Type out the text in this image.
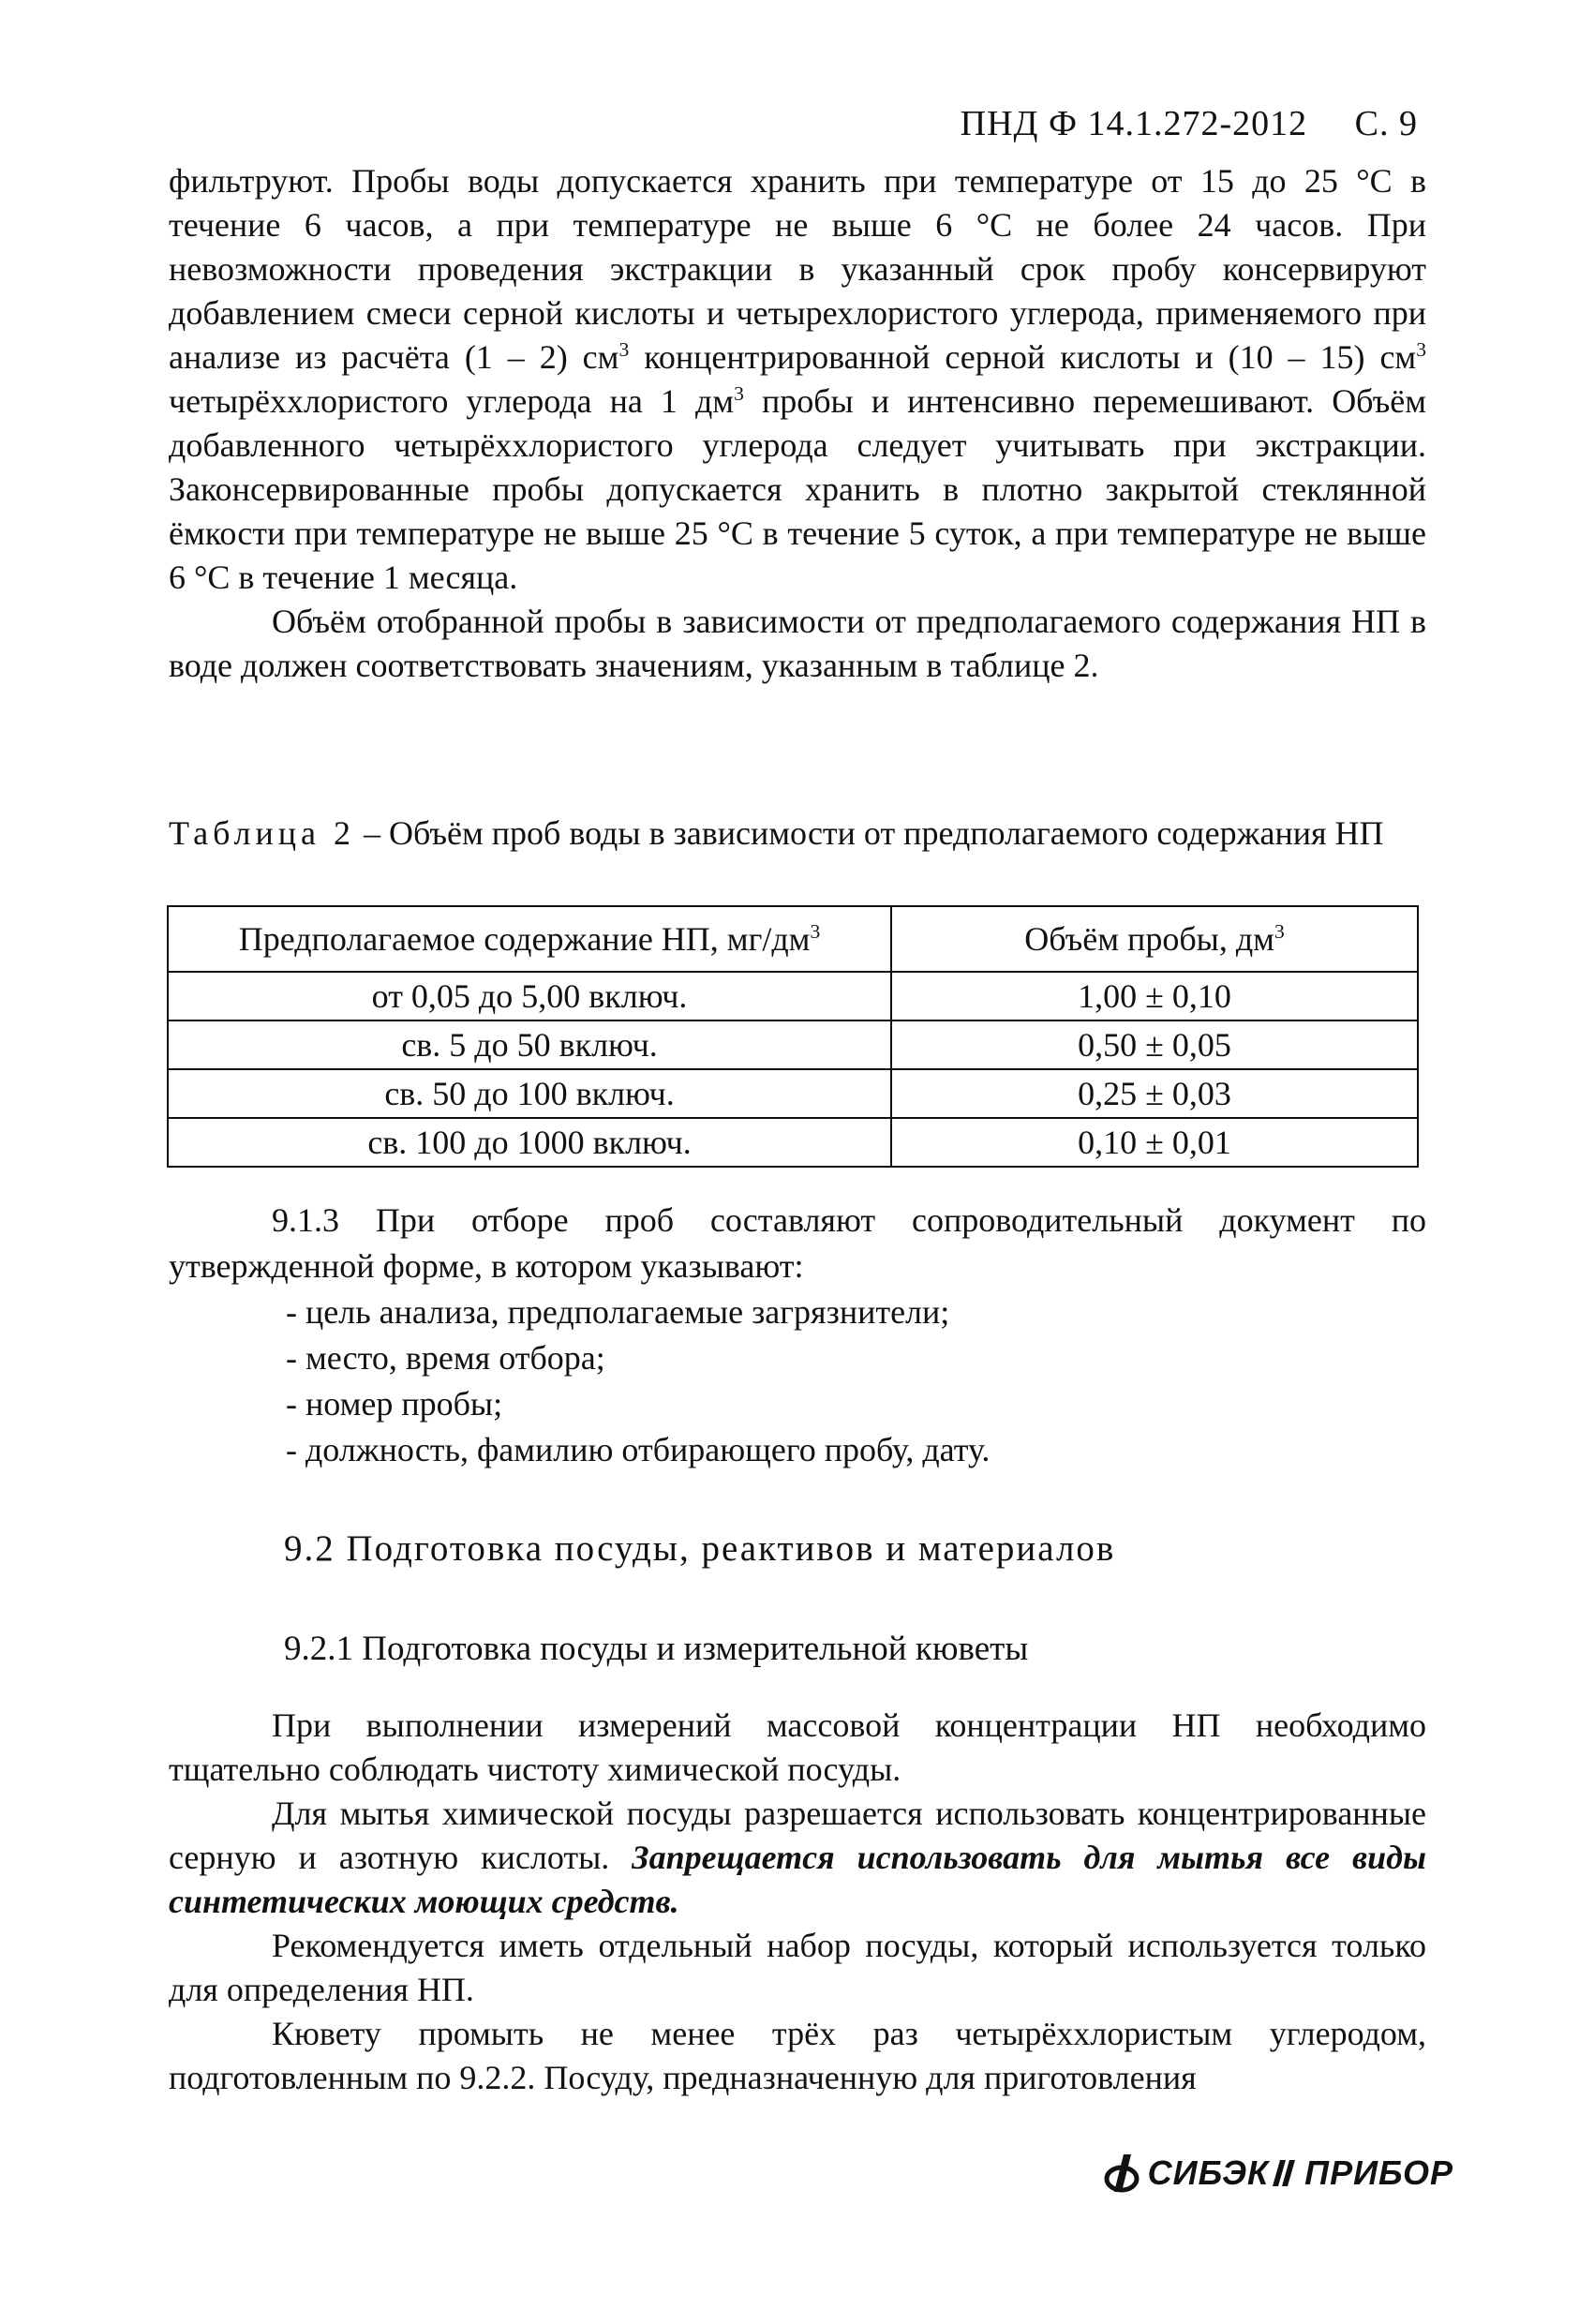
ПНД Ф 14.1.272-2012 С. 9

фильтруют. Пробы воды допускается хранить при температуре от 15 до 25 °С в течение 6 часов, а при температуре не выше 6 °С не более 24 часов. При невозможности проведения экстракции в указанный срок пробу консервируют добавлением смеси серной кислоты и четырехлористого углерода, применяемого при анализе из расчёта (1 – 2) $см^3$ концентрированной серной кислоты и (10 – 15) $см^3$ четырёххлористого углерода на 1 $дм^3$ пробы и интенсивно перемешивают. Объём добавленного четырёххлористого углерода следует учитывать при экстракции. Законсервированные пробы допускается хранить в плотно закрытой стеклянной ёмкости при температуре не выше 25 °С в течение 5 суток, а при температуре не выше 6 °С в течение 1 месяца.

Объём отобранной пробы в зависимости от предполагаемого содержания НП в воде должен соответствовать значениям, указанным в таблице 2.

Таблица 2 – Объём проб воды в зависимости от предполагаемого содержания НП
Предполагаемое содержание НП, $мг/дм^3$	Объём пробы, $дм^3$
от 0,05 до 5,00 включ.	1,00 ± 0,10
св. 5 до 50 включ.	0,50 ± 0,05
св. 50 до 100 включ.	0,25 ± 0,03
св. 100 до 1000 включ.	0,10 ± 0,01

9.1.3 При отборе проб составляют сопроводительный документ по утвержденной форме, в котором указывают:

- цель анализа, предполагаемые загрязнители;

- место, время отбора;

- номер пробы;

- должность, фамилию отбирающего пробу, дату.

9.2 Подготовка посуды, реактивов и материалов
9.2.1 Подготовка посуды и измерительной кюветы

При выполнении измерений массовой концентрации НП необходимо тщательно соблюдать чистоту химической посуды.

Для мытья химической посуды разрешается использовать концентрированные серную и азотную кислоты. Запрещается использовать для мытья все виды синтетических моющих средств.

Рекомендуется иметь отдельный набор посуды, который используется только для определения НП.

Кювету промыть не менее трёх раз четырёххлористым углеродом, подготовленным по 9.2.2. Посуду, предназначенную для приготовления

СИБЭК ПРИБОР
